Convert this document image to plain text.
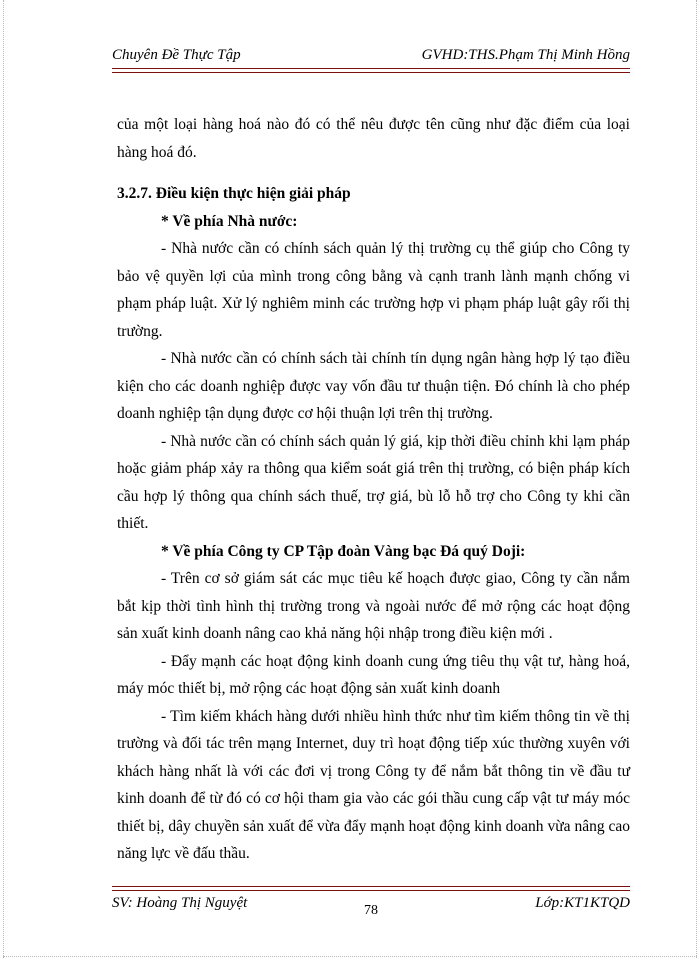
Chuyên Đề Thực Tập	GVHD:THS.Phạm Thị Minh Hồng

của một loại hàng hoá nào đó có thể nêu được tên cũng như đặc điểm của loại hàng hoá đó.

3.2.7. Điều kiện thực hiện giải pháp

* Về phía Nhà nước:

- Nhà nước cần có chính sách quản lý thị trường cụ thể giúp cho Công ty bảo vệ quyền lợi của mình trong công bằng và cạnh tranh lành mạnh chống vi phạm pháp luật. Xử lý nghiêm minh các trường hợp vi phạm pháp luật gây rối thị trường.

- Nhà nước cần có chính sách tài chính tín dụng ngân hàng hợp lý tạo điều kiện cho các doanh nghiệp được vay vốn đầu tư thuận tiện. Đó chính là cho phép doanh nghiệp tận dụng được cơ hội thuận lợi trên thị trường.

- Nhà nước cần có chính sách quản lý giá, kịp thời điều chỉnh khi lạm pháp hoặc giảm pháp xảy ra thông qua kiểm soát giá trên thị trường, có biện pháp kích cầu hợp lý thông qua chính sách thuế, trợ giá, bù lỗ hỗ trợ cho Công ty khi cần thiết.

* Về phía Công ty CP Tập đoàn Vàng bạc Đá quý Doji:

- Trên cơ sở giám sát các mục tiêu kế hoạch được giao, Công ty cần nắm bắt kịp thời tình hình thị trường trong và ngoài nước để mở rộng các hoạt động sản xuất kinh doanh nâng cao khả năng hội nhập trong điều kiện mới .

- Đẩy mạnh các hoạt động kinh doanh cung ứng tiêu thụ vật tư, hàng hoá, máy móc thiết bị, mở rộng các hoạt động sản xuất kinh doanh

- Tìm kiếm khách hàng dưới nhiều hình thức như tìm kiếm thông tin về thị trường và đối tác trên mạng Internet, duy trì hoạt động tiếp xúc thường xuyên với khách hàng nhất là với các đơi vị trong Công ty để nắm bắt thông tin về đầu tư kinh doanh để từ đó có cơ hội tham gia vào các gói thầu cung cấp vật tư máy móc thiết bị, dây chuyền sản xuất để vừa đẩy mạnh hoạt động kinh doanh vừa nâng cao năng lực về đấu thầu.

SV: Hoàng Thị Nguyệt	78	Lớp:KT1KTQD
